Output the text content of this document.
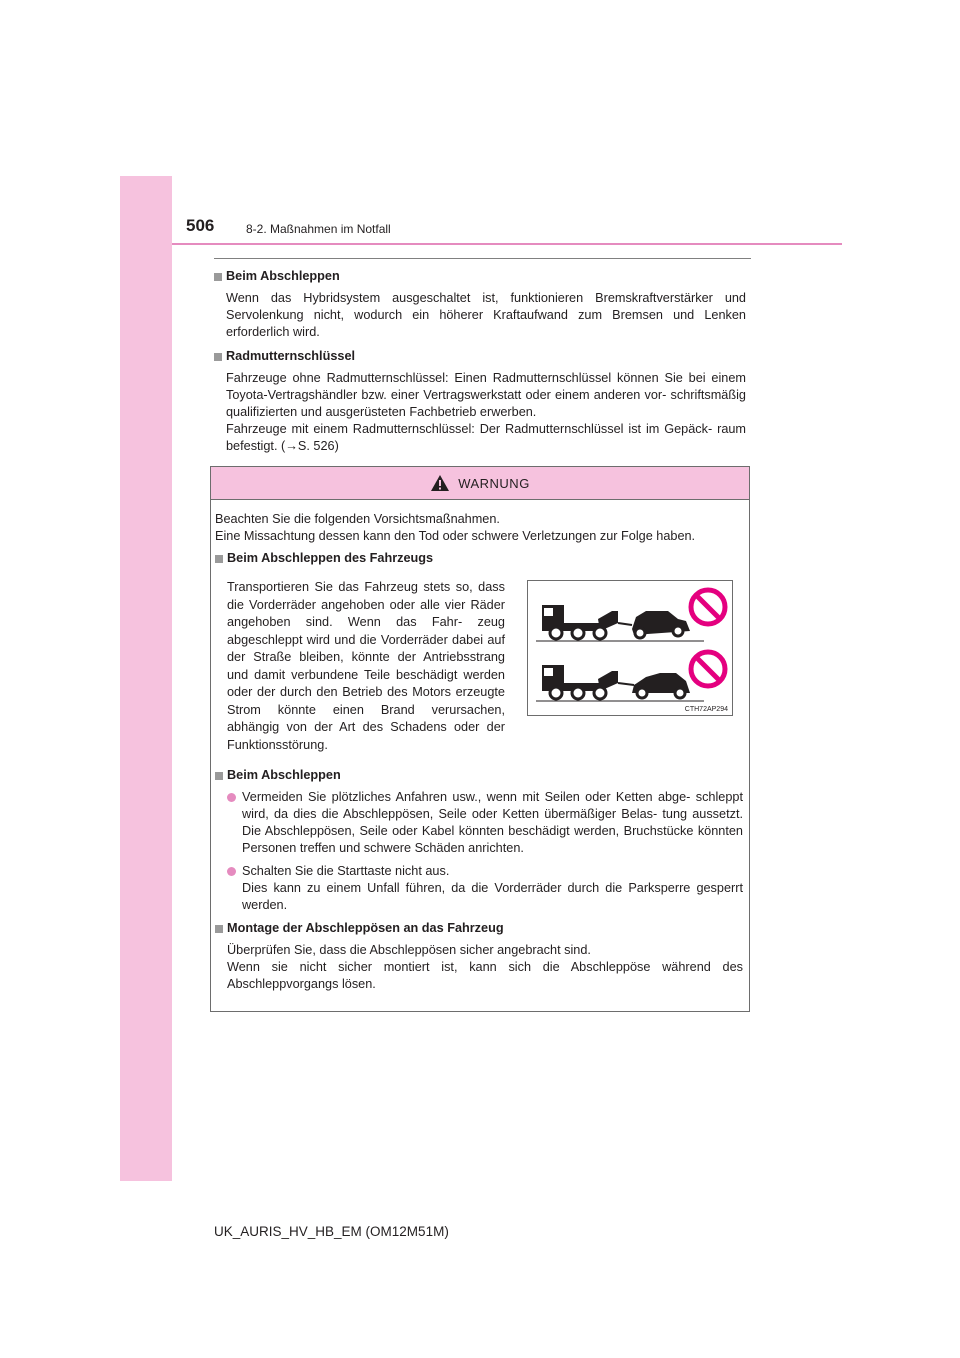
506	8-2. Maßnahmen im Notfall
Beim Abschleppen
Wenn das Hybridsystem ausgeschaltet ist, funktionieren Bremskraftverstärker und Servolenkung nicht, wodurch ein höherer Kraftaufwand zum Bremsen und Lenken erforderlich wird.
Radmutternschlüssel
Fahrzeuge ohne Radmutternschlüssel: Einen Radmutternschlüssel können Sie bei einem Toyota-Vertragshändler bzw. einer Vertragswerkstatt oder einem anderen vor- schriftsmäßig qualifizierten und ausgerüsteten Fachbetrieb erwerben.
Fahrzeuge mit einem Radmutternschlüssel: Der Radmutternschlüssel ist im Gepäck- raum befestigt. (→S. 526)
WARNUNG
Beachten Sie die folgenden Vorsichtsmaßnahmen.
Eine Missachtung dessen kann den Tod oder schwere Verletzungen zur Folge haben.
Beim Abschleppen des Fahrzeugs
Transportieren Sie das Fahrzeug stets so, dass die Vorderräder angehoben oder alle vier Räder angehoben sind. Wenn das Fahr- zeug abgeschleppt wird und die Vorderräder dabei auf der Straße bleiben, könnte der Antriebsstrang und damit verbundene Teile beschädigt werden oder der durch den Betrieb des Motors erzeugte Strom könnte einen Brand verursachen, abhängig von der Art des Schadens oder der Funktionsstörung.
CTH72AP294
Beim Abschleppen
Vermeiden Sie plötzliches Anfahren usw., wenn mit Seilen oder Ketten abge- schleppt wird, da dies die Abschleppösen, Seile oder Ketten übermäßiger Belas- tung aussetzt. Die Abschleppösen, Seile oder Kabel könnten beschädigt werden, Bruchstücke könnten Personen treffen und schwere Schäden anrichten.
Schalten Sie die Starttaste nicht aus.
Dies kann zu einem Unfall führen, da die Vorderräder durch die Parksperre gesperrt werden.
Montage der Abschleppösen an das Fahrzeug
Überprüfen Sie, dass die Abschleppösen sicher angebracht sind.
Wenn sie nicht sicher montiert ist, kann sich die Abschleppöse während des Abschleppvorgangs lösen.
UK_AURIS_HV_HB_EM (OM12M51M)
